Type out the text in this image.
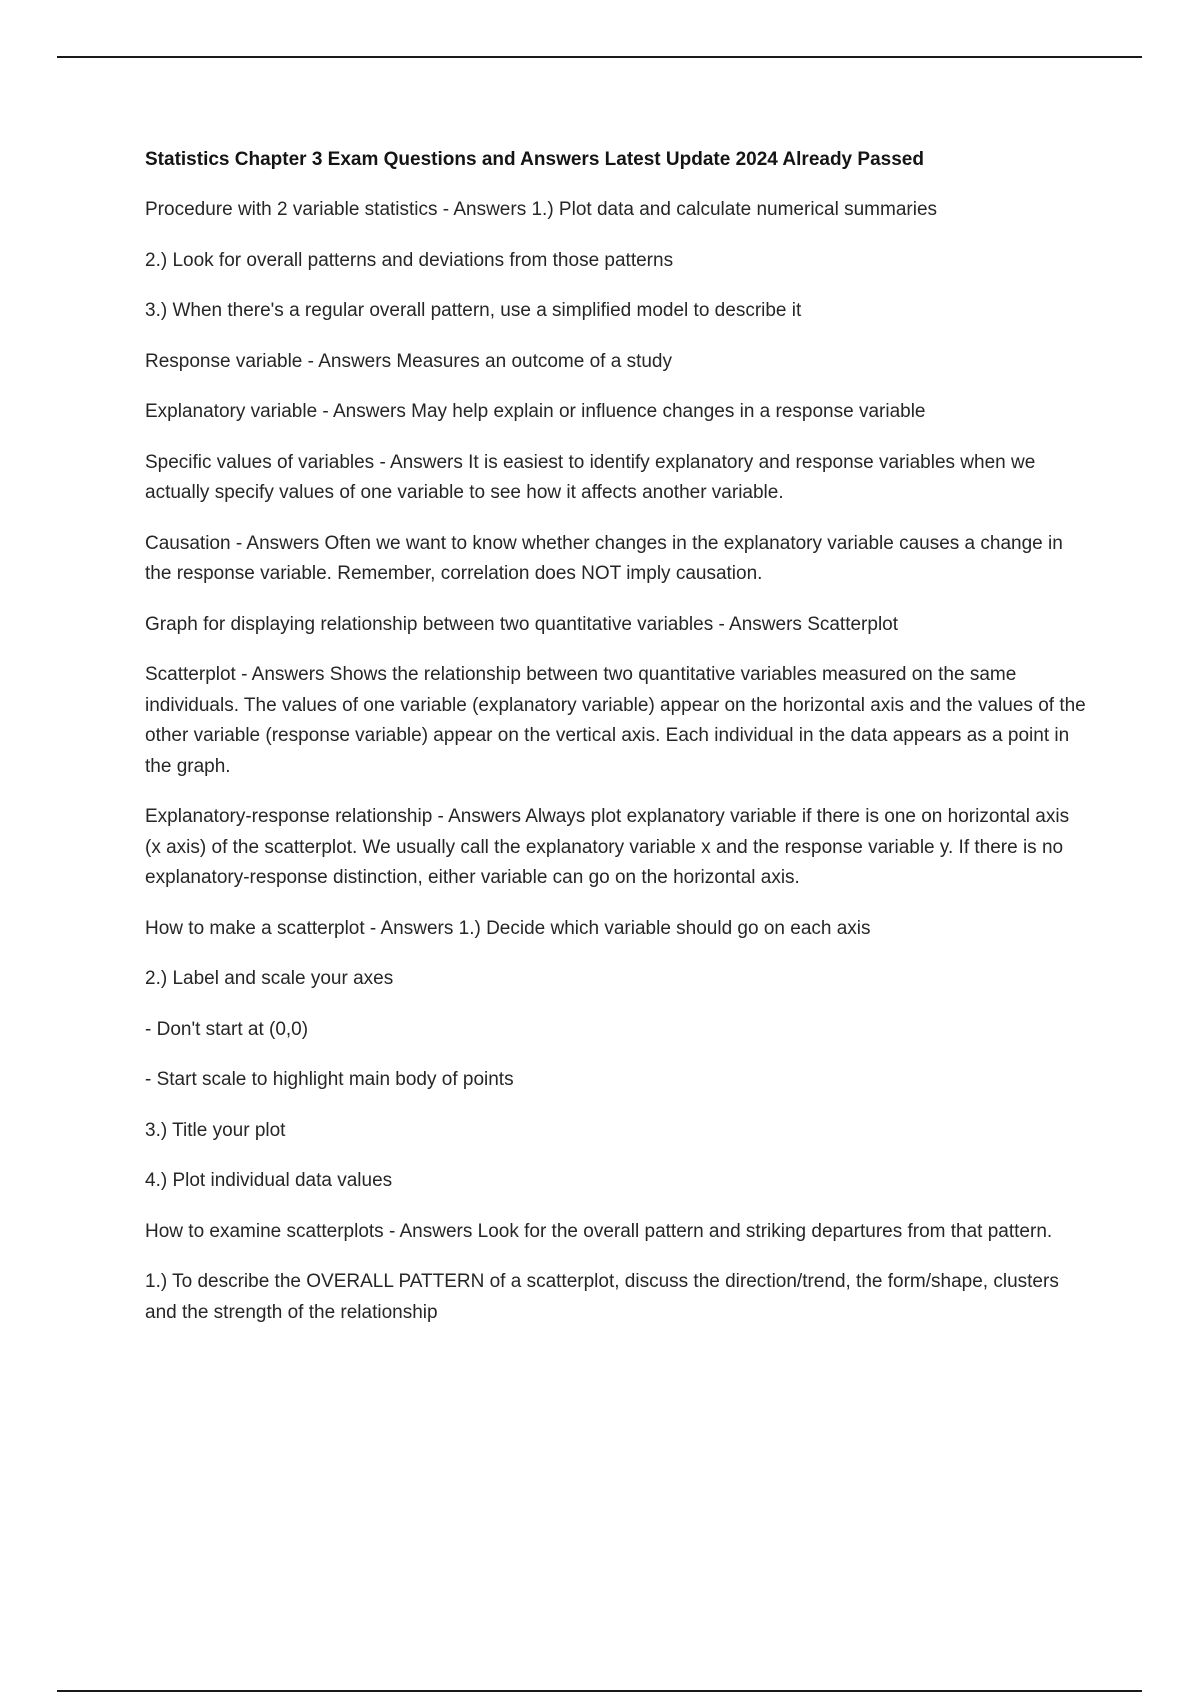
Statistics Chapter 3 Exam Questions and Answers Latest Update 2024 Already Passed

Procedure with 2 variable statistics - Answers 1.) Plot data and calculate numerical summaries

2.) Look for overall patterns and deviations from those patterns

3.) When there's a regular overall pattern, use a simplified model to describe it

Response variable - Answers Measures an outcome of a study

Explanatory variable - Answers May help explain or influence changes in a response variable

Specific values of variables - Answers It is easiest to identify explanatory and response variables when we actually specify values of one variable to see how it affects another variable.

Causation - Answers Often we want to know whether changes in the explanatory variable causes a change in the response variable. Remember, correlation does NOT imply causation.

Graph for displaying relationship between two quantitative variables - Answers Scatterplot

Scatterplot - Answers Shows the relationship between two quantitative variables measured on the same individuals. The values of one variable (explanatory variable) appear on the horizontal axis and the values of the other variable (response variable) appear on the vertical axis. Each individual in the data appears as a point in the graph.

Explanatory-response relationship - Answers Always plot explanatory variable if there is one on horizontal axis (x axis) of the scatterplot. We usually call the explanatory variable x and the response variable y. If there is no explanatory-response distinction, either variable can go on the horizontal axis.

How to make a scatterplot - Answers 1.) Decide which variable should go on each axis

2.) Label and scale your axes

- Don't start at (0,0)

- Start scale to highlight main body of points

3.) Title your plot

4.) Plot individual data values

How to examine scatterplots - Answers Look for the overall pattern and striking departures from that pattern.

1.) To describe the OVERALL PATTERN of a scatterplot, discuss the direction/trend, the form/shape, clusters and the strength of the relationship
